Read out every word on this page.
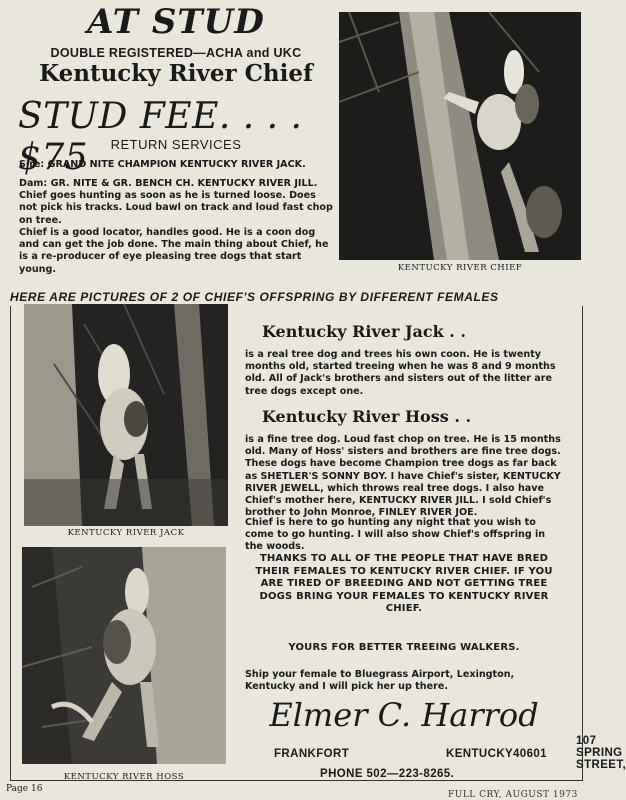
AT STUD
DOUBLE REGISTERED—ACHA and UKC
Kentucky River Chief
STUD FEE. . . . $75	RETURN SERVICES
Sire: GRAND NITE CHAMPION KENTUCKY RIVER JACK.
Dam: GR. NITE & GR. BENCH CH. KENTUCKY RIVER JILL. Chief goes hunting as soon as he is turned loose. Does not pick his tracks. Loud bawl on track and loud fast chop on tree.
Chief is a good locator, handles good. He is a coon dog and can get the job done. The main thing about Chief, he is a re-producer of eye pleasing tree dogs that start young.	KENTUCKY RIVER CHIEF
HERE ARE PICTURES OF 2 OF CHIEF'S OFFSPRING BY DIFFERENT FEMALES
KENTUCKY RIVER JACK
KENTUCKY RIVER HOSS
Kentucky River Jack . .
is a real tree dog and trees his own coon. He is twenty months old, started treeing when he was 8 and 9 months old. All of Jack's brothers and sisters out of the litter are tree dogs except one.
Kentucky River Hoss . .
is a fine tree dog. Loud fast chop on tree. He is 15 months old. Many of Hoss' sisters and brothers are fine tree dogs. These dogs have become Champion tree dogs as far back as SHETLER'S SONNY BOY. I have Chief's sister, KENTUCKY RIVER JEWELL, which throws real tree dogs. I also have Chief's mother here, KENTUCKY RIVER JILL. I sold Chief's brother to John Monroe, FINLEY RIVER JOE.
Chief is here to go hunting any night that you wish to come to go hunting. I will also show Chief's offspring in the woods.
THANKS TO ALL OF THE PEOPLE THAT HAVE BRED THEIR FEMALES TO KENTUCKY RIVER CHIEF. IF YOU ARE TIRED OF BREEDING AND NOT GETTING TREE DOGS BRING YOUR FEMALES TO KENTUCKY RIVER CHIEF.
YOURS FOR BETTER TREEING WALKERS.
Ship your female to Bluegrass Airport, Lexington, Kentucky and I will pick her up there.
Elmer C. Harrod
107 SPRING STREET,
FRANKFORT	KENTUCKY 40601
PHONE 502—223-8265.
Page 16
FULL CRY, AUGUST 1973
